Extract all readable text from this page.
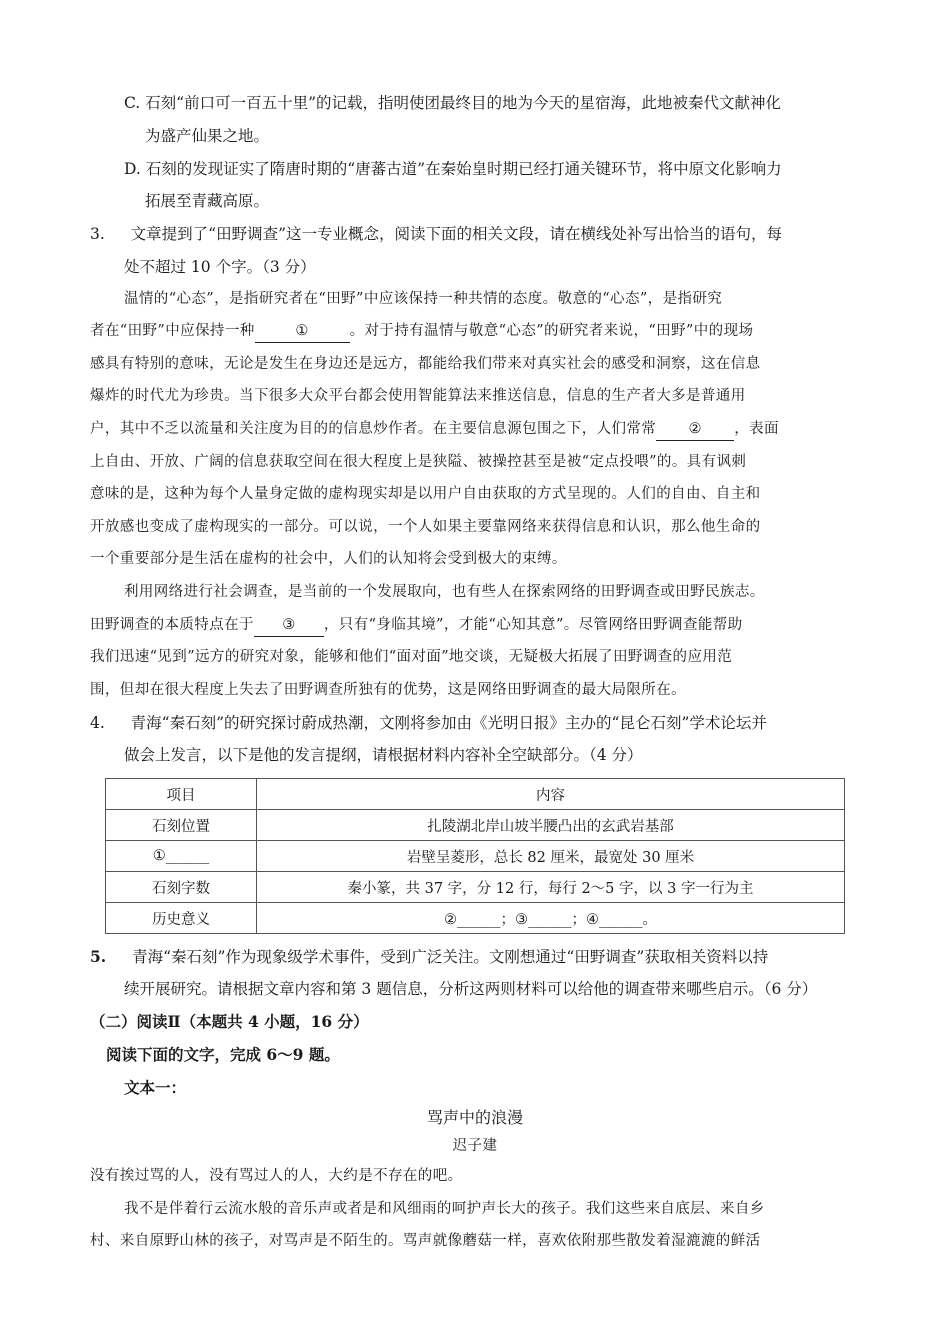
C. 石刻“前口可一百五十里”的记载，指明使团最终目的地为今天的星宿海，此地被秦代文献神化
为盛产仙果之地。
D. 石刻的发现证实了隋唐时期的“唐蕃古道”在秦始皇时期已经打通关键环节，将中原文化影响力
拓展至青藏高原。
3. 文章提到了“田野调查”这一专业概念，阅读下面的相关文段，请在横线处补写出恰当的语句，每
处不超过 10 个字。（3 分）
温情的“心态”，是指研究者在“田野”中应该保持一种共情的态度。敬意的“心态”，是指研究
者在“田野”中应保持一种	①	。对于持有温情与敬意“心态”的研究者来说，“田野”中的现场
感具有特别的意味，无论是发生在身边还是远方，都能给我们带来对真实社会的感受和洞察，这在信息
爆炸的时代尤为珍贵。当下很多大众平台都会使用智能算法来推送信息，信息的生产者大多是普通用
户，其中不乏以流量和关注度为目的的信息炒作者。在主要信息源包围之下，人们常常 ② ，表面
上自由、开放、广阔的信息获取空间在很大程度上是狭隘、被操控甚至是被“定点投喂”的。具有讽刺
意味的是，这种为每个人量身定做的虚构现实却是以用户自由获取的方式呈现的。人们的自由、自主和
开放感也变成了虚构现实的一部分。可以说，一个人如果主要靠网络来获得信息和认识，那么他生命的
一个重要部分是生活在虚构的社会中，人们的认知将会受到极大的束缚。
利用网络进行社会调查，是当前的一个发展取向，也有些人在探索网络的田野调查或田野民族志。
田野调查的本质特点在于 ③ ，只有“身临其境”，才能“心知其意”。尽管网络田野调查能帮助
我们迅速“见到”远方的研究对象，能够和他们“面对面”地交谈，无疑极大拓展了田野调查的应用范
围，但却在很大程度上失去了田野调查所独有的优势，这是网络田野调查的最大局限所在。
4. 青海“秦石刻”的研究探讨蔚成热潮，文刚将参加由《光明日报》主办的“昆仑石刻”学术论坛并
做会上发言，以下是他的发言提纲，请根据材料内容补全空缺部分。（4 分）
项目	内容
石刻位置	扎陵湖北岸山坡半腰凸出的玄武岩基部
①______	岩壁呈菱形，总长 82 厘米，最宽处 30 厘米
石刻字数	秦小篆，共 37 字，分 12 行，每行 2～5 字，以 3 字一行为主
历史意义	②______；③______；④______。
5. 青海“秦石刻”作为现象级学术事件，受到广泛关注。文刚想通过“田野调查”获取相关资料以持
续开展研究。请根据文章内容和第 3 题信息，分析这两则材料可以给他的调查带来哪些启示。（6 分）
（二）阅读Ⅱ（本题共 4 小题，16 分）
阅读下面的文字，完成 6～9 题。
文本一：
骂声中的浪漫
迟子建
没有挨过骂的人，没有骂过人的人，大约是不存在的吧。
我不是伴着行云流水般的音乐声或者是和风细雨的呵护声长大的孩子。我们这些来自底层、来自乡
村、来自原野山林的孩子，对骂声是不陌生的。骂声就像蘑菇一样，喜欢依附那些散发着湿漉漉的鲜活
